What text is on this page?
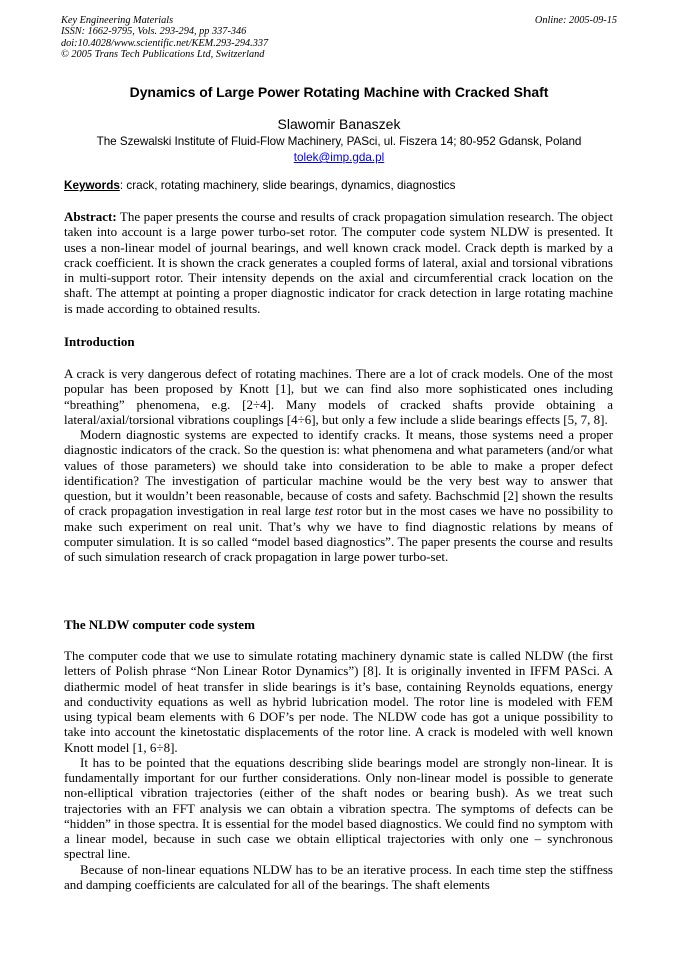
Key Engineering Materials
ISSN: 1662-9795, Vols. 293-294, pp 337-346
doi:10.4028/www.scientific.net/KEM.293-294.337
© 2005 Trans Tech Publications Ltd, Switzerland
Online: 2005-09-15
Dynamics of Large Power Rotating Machine with Cracked Shaft
Slawomir Banaszek
The Szewalski Institute of Fluid-Flow Machinery, PASci, ul. Fiszera 14; 80-952 Gdansk, Poland
tolek@imp.gda.pl
Keywords: crack, rotating machinery, slide bearings, dynamics, diagnostics

Abstract: The paper presents the course and results of crack propagation simulation research. The object taken into account is a large power turbo-set rotor. The computer code system NLDW is presented. It uses a non-linear model of journal bearings, and well known crack model. Crack depth is marked by a crack coefficient. It is shown the crack generates a coupled forms of lateral, axial and torsional vibrations in multi-support rotor. Their intensity depends on the axial and circumferential crack location on the shaft. The attempt at pointing a proper diagnostic indicator for crack detection in large rotating machine is made according to obtained results.

Introduction

A crack is very dangerous defect of rotating machines. There are a lot of crack models. One of the most popular has been proposed by Knott [1], but we can find also more sophisticated ones including “breathing” phenomena, e.g. [2÷4]. Many models of cracked shafts provide obtaining a lateral/axial/torsional vibrations couplings [4÷6], but only a few include a slide bearings effects [5, 7, 8].

Modern diagnostic systems are expected to identify cracks. It means, those systems need a proper diagnostic indicators of the crack. So the question is: what phenomena and what parameters (and/or what values of those parameters) we should take into consideration to be able to make a proper defect identification? The investigation of particular machine would be the very best way to answer that question, but it wouldn’t been reasonable, because of costs and safety. Bachschmid [2] shown the results of crack propagation investigation in real large test rotor but in the most cases we have no possibility to make such experiment on real unit. That’s why we have to find diagnostic relations by means of computer simulation. It is so called “model based diagnostics”. The paper presents the course and results of such simulation research of crack propagation in large power turbo-set.

The NLDW computer code system

The computer code that we use to simulate rotating machinery dynamic state is called NLDW (the first letters of Polish phrase “Non Linear Rotor Dynamics”) [8]. It is originally invented in IFFM PASci. A diathermic model of heat transfer in slide bearings is it’s base, containing Reynolds equations, energy and conductivity equations as well as hybrid lubrication model. The rotor line is modeled with FEM using typical beam elements with 6 DOF’s per node. The NLDW code has got a unique possibility to take into account the kinetostatic displacements of the rotor line. A crack is modeled with well known Knott model [1, 6÷8].

It has to be pointed that the equations describing slide bearings model are strongly non-linear. It is fundamentally important for our further considerations. Only non-linear model is possible to generate non-elliptical vibration trajectories (either of the shaft nodes or bearing bush). As we treat such trajectories with an FFT analysis we can obtain a vibration spectra. The symptoms of defects can be “hidden” in those spectra. It is essential for the model based diagnostics. We could find no symptom with a linear model, because in such case we obtain elliptical trajectories with only one – synchronous spectral line.

Because of non-linear equations NLDW has to be an iterative process. In each time step the stiffness and damping coefficients are calculated for all of the bearings. The shaft elements
